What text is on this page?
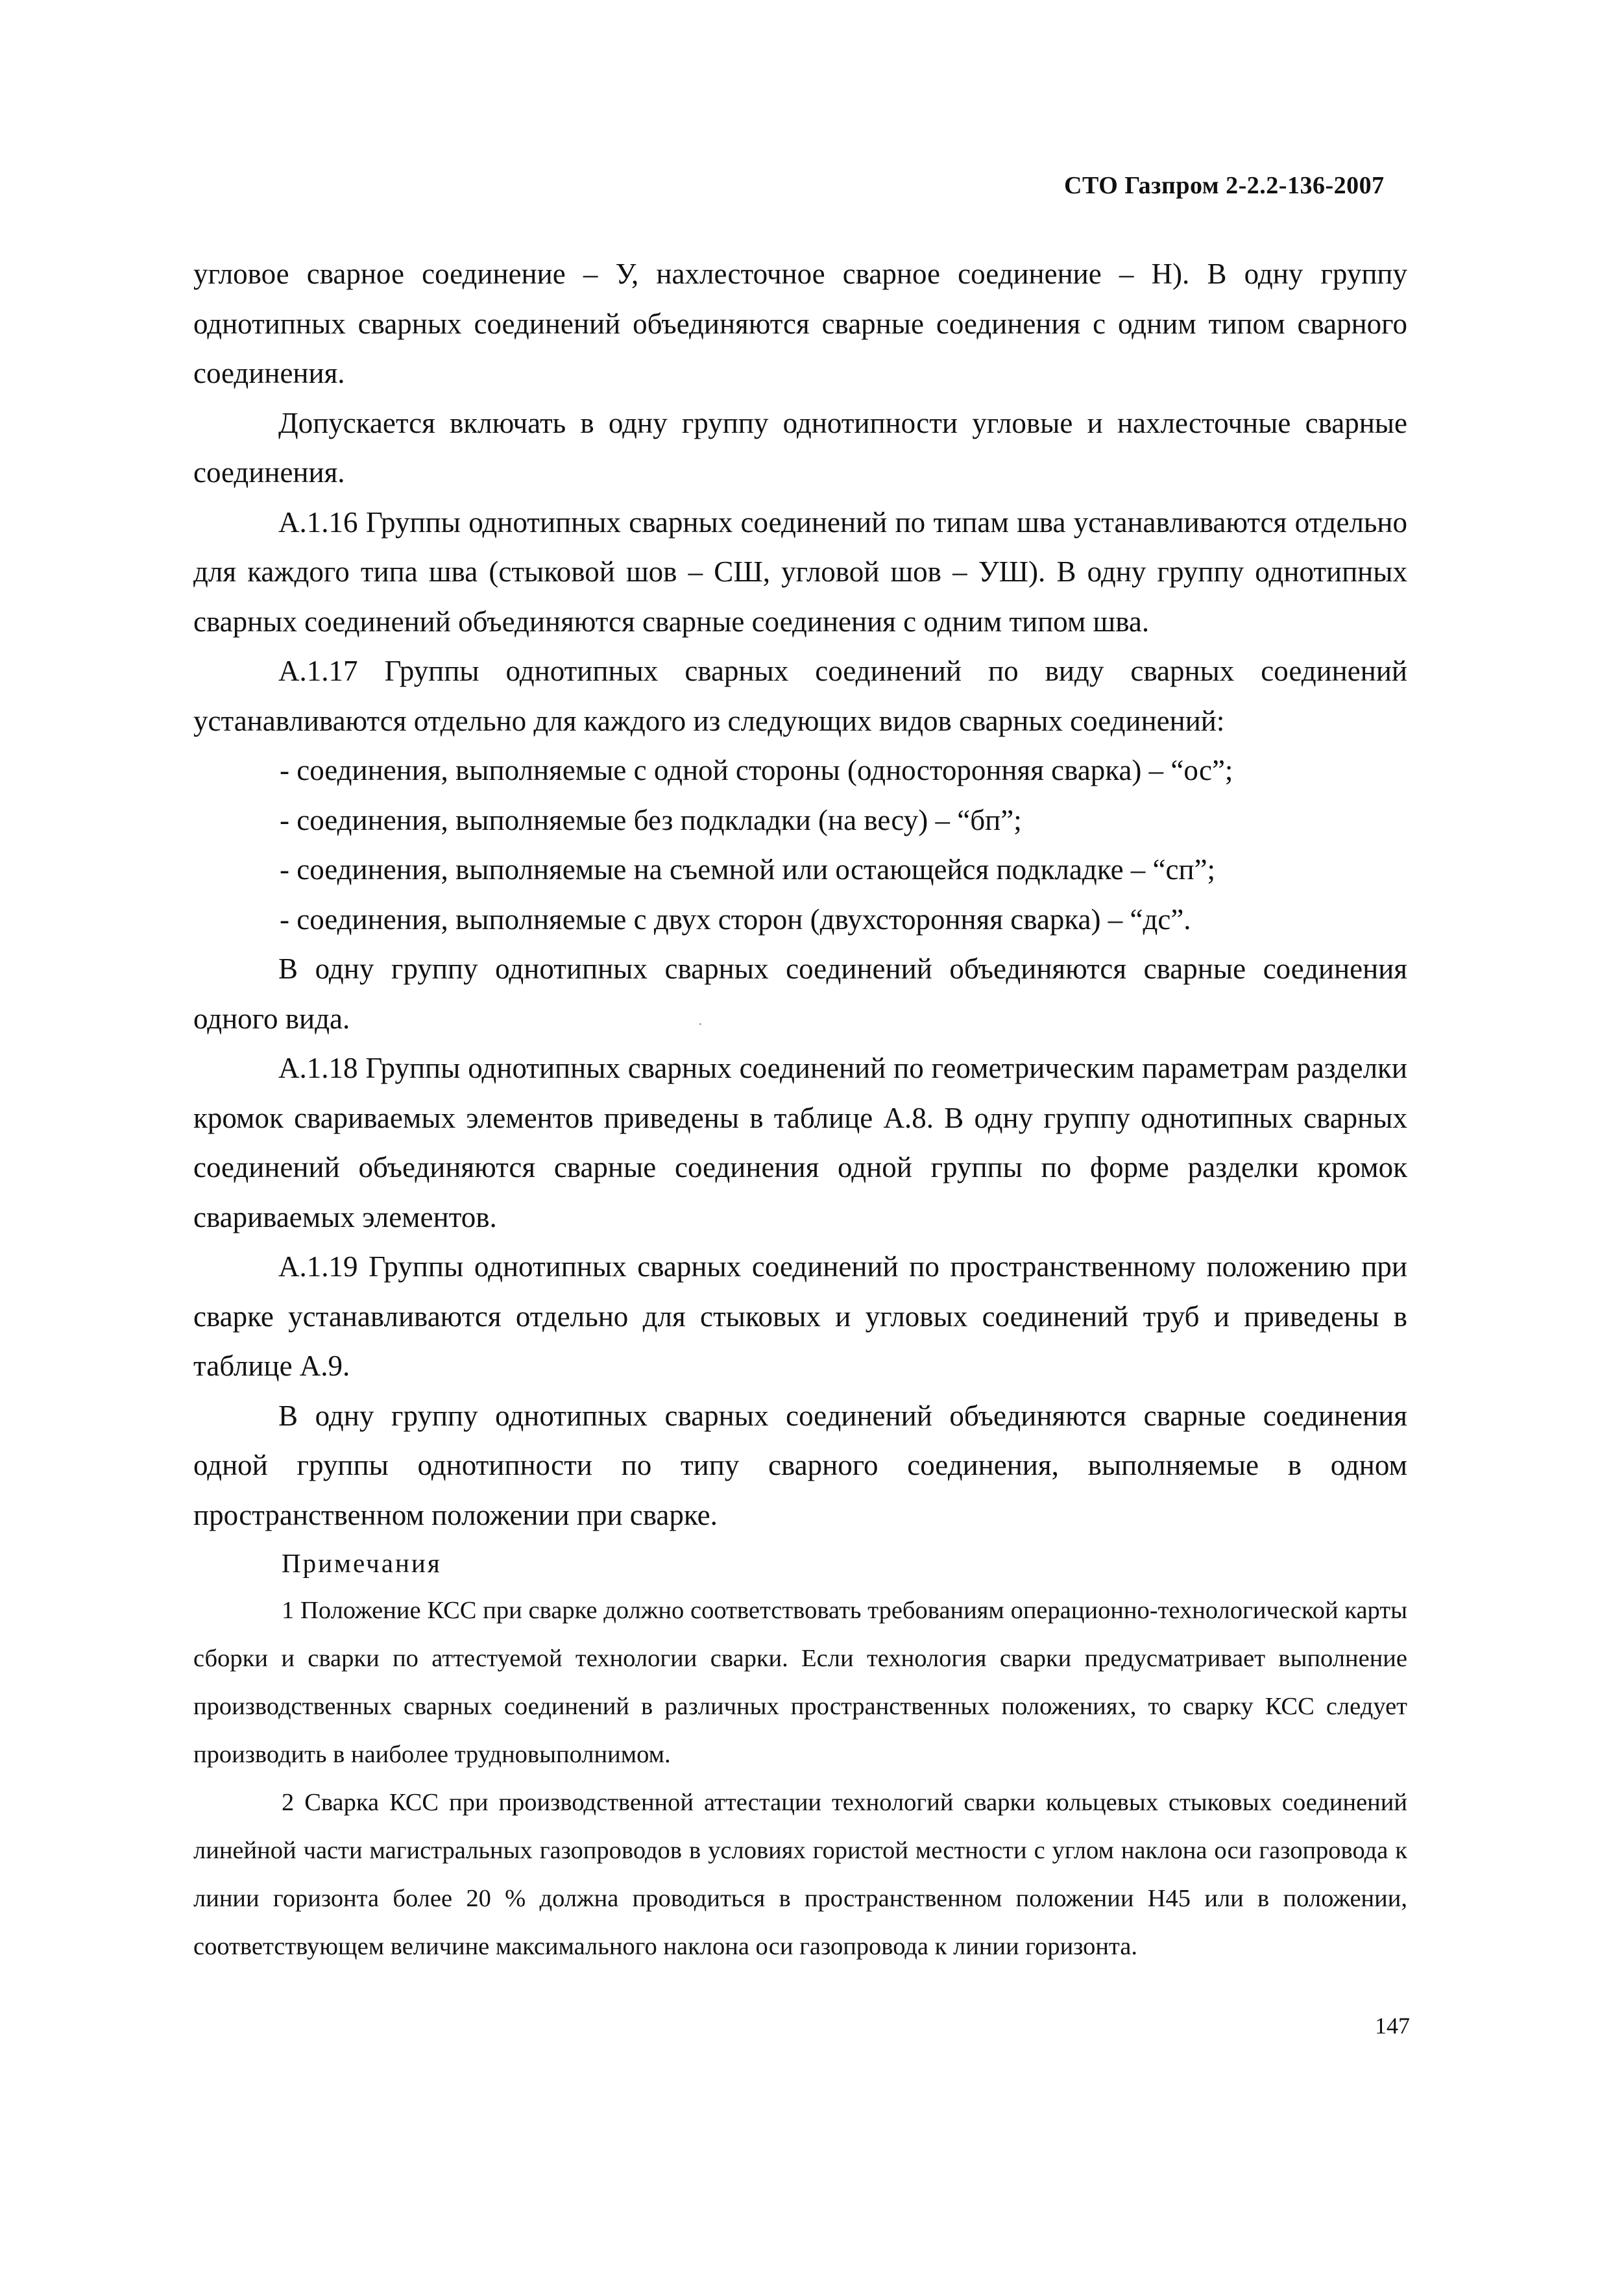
СТО Газпром 2-2.2-136-2007

угловое сварное соединение – У, нахлесточное сварное соединение – Н). В одну группу однотипных сварных соединений объединяются сварные соединения с одним типом сварного соединения.

Допускается включать в одну группу однотипности угловые и нахлесточные сварные соединения.

А.1.16 Группы однотипных сварных соединений по типам шва устанавливаются отдельно для каждого типа шва (стыковой шов – СШ, угловой шов – УШ). В одну группу однотипных сварных соединений объединяются сварные соединения с одним типом шва.

А.1.17 Группы однотипных сварных соединений по виду сварных соединений устанавливаются отдельно для каждого из следующих видов сварных соединений:

- соединения, выполняемые с одной стороны (односторонняя сварка) – “ос”;

- соединения, выполняемые без подкладки (на весу) – “бп”;

- соединения, выполняемые на съемной или остающейся подкладке – “сп”;

- соединения, выполняемые с двух сторон (двухсторонняя сварка) – “дс”.

В одну группу однотипных сварных соединений объединяются сварные соединения одного вида.

А.1.18 Группы однотипных сварных соединений по геометрическим параметрам разделки кромок свариваемых элементов приведены в таблице А.8. В одну группу однотипных сварных соединений объединяются сварные соединения одной группы по форме разделки кромок свариваемых элементов.

А.1.19 Группы однотипных сварных соединений по пространственному положению при сварке устанавливаются отдельно для стыковых и угловых соединений труб и приведены в таблице А.9.

В одну группу однотипных сварных соединений объединяются сварные соединения одной группы однотипности по типу сварного соединения, выполняемые в одном пространственном положении при сварке.

Примечания

1 Положение КСС при сварке должно соответствовать требованиям операционно-технологической карты сборки и сварки по аттестуемой технологии сварки. Если технология сварки предусматривает выполнение производственных сварных соединений в различных пространственных положениях, то сварку КСС следует производить в наиболее трудновыполнимом.

2 Сварка КСС при производственной аттестации технологий сварки кольцевых стыковых соединений линейной части магистральных газопроводов в условиях гористой местности с углом наклона оси газопровода к линии горизонта более 20 % должна проводиться в пространственном положении Н45 или в положении, соответствующем величине максимального наклона оси газопровода к линии горизонта.

·
147
